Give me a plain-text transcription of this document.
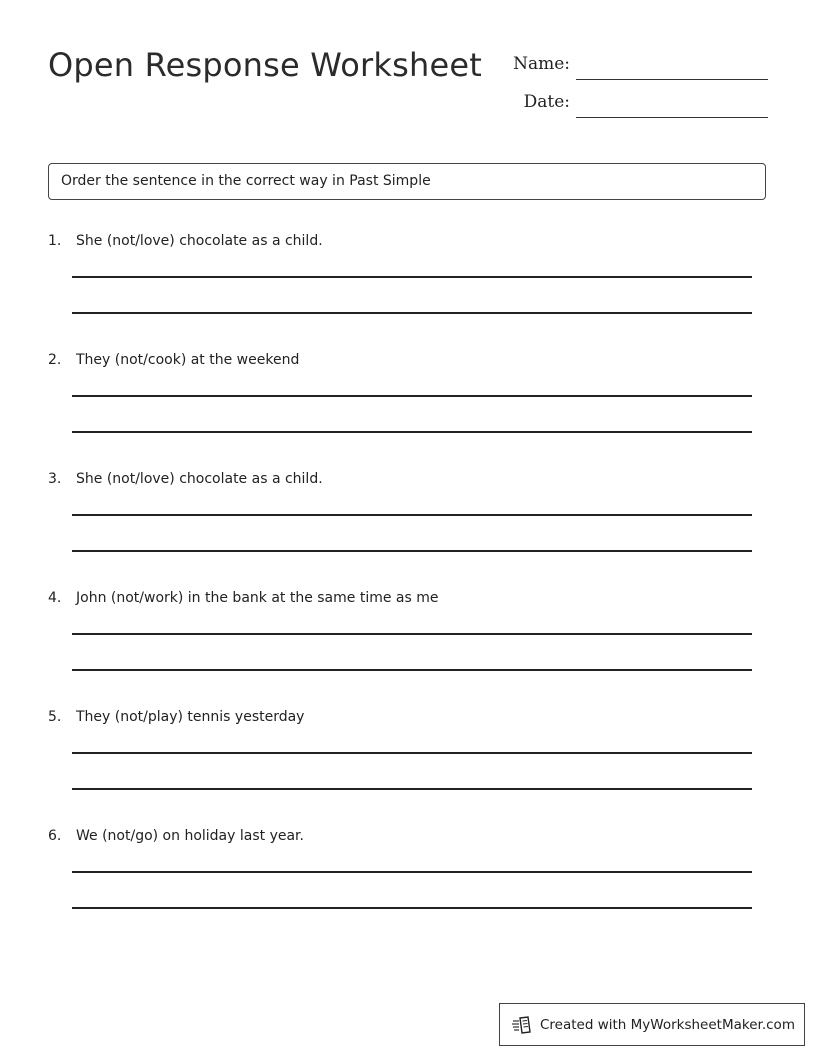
Open Response Worksheet Name:
Date:
Order the sentence in the correct way in Past Simple
1. She (not/love) chocolate as a child.
2. They (not/cook) at the weekend
3. She (not/love) chocolate as a child.
4. John (not/work) in the bank at the same time as me
5. They (not/play) tennis yesterday
6. We (not/go) on holiday last year.
Created with MyWorksheetMaker.com
